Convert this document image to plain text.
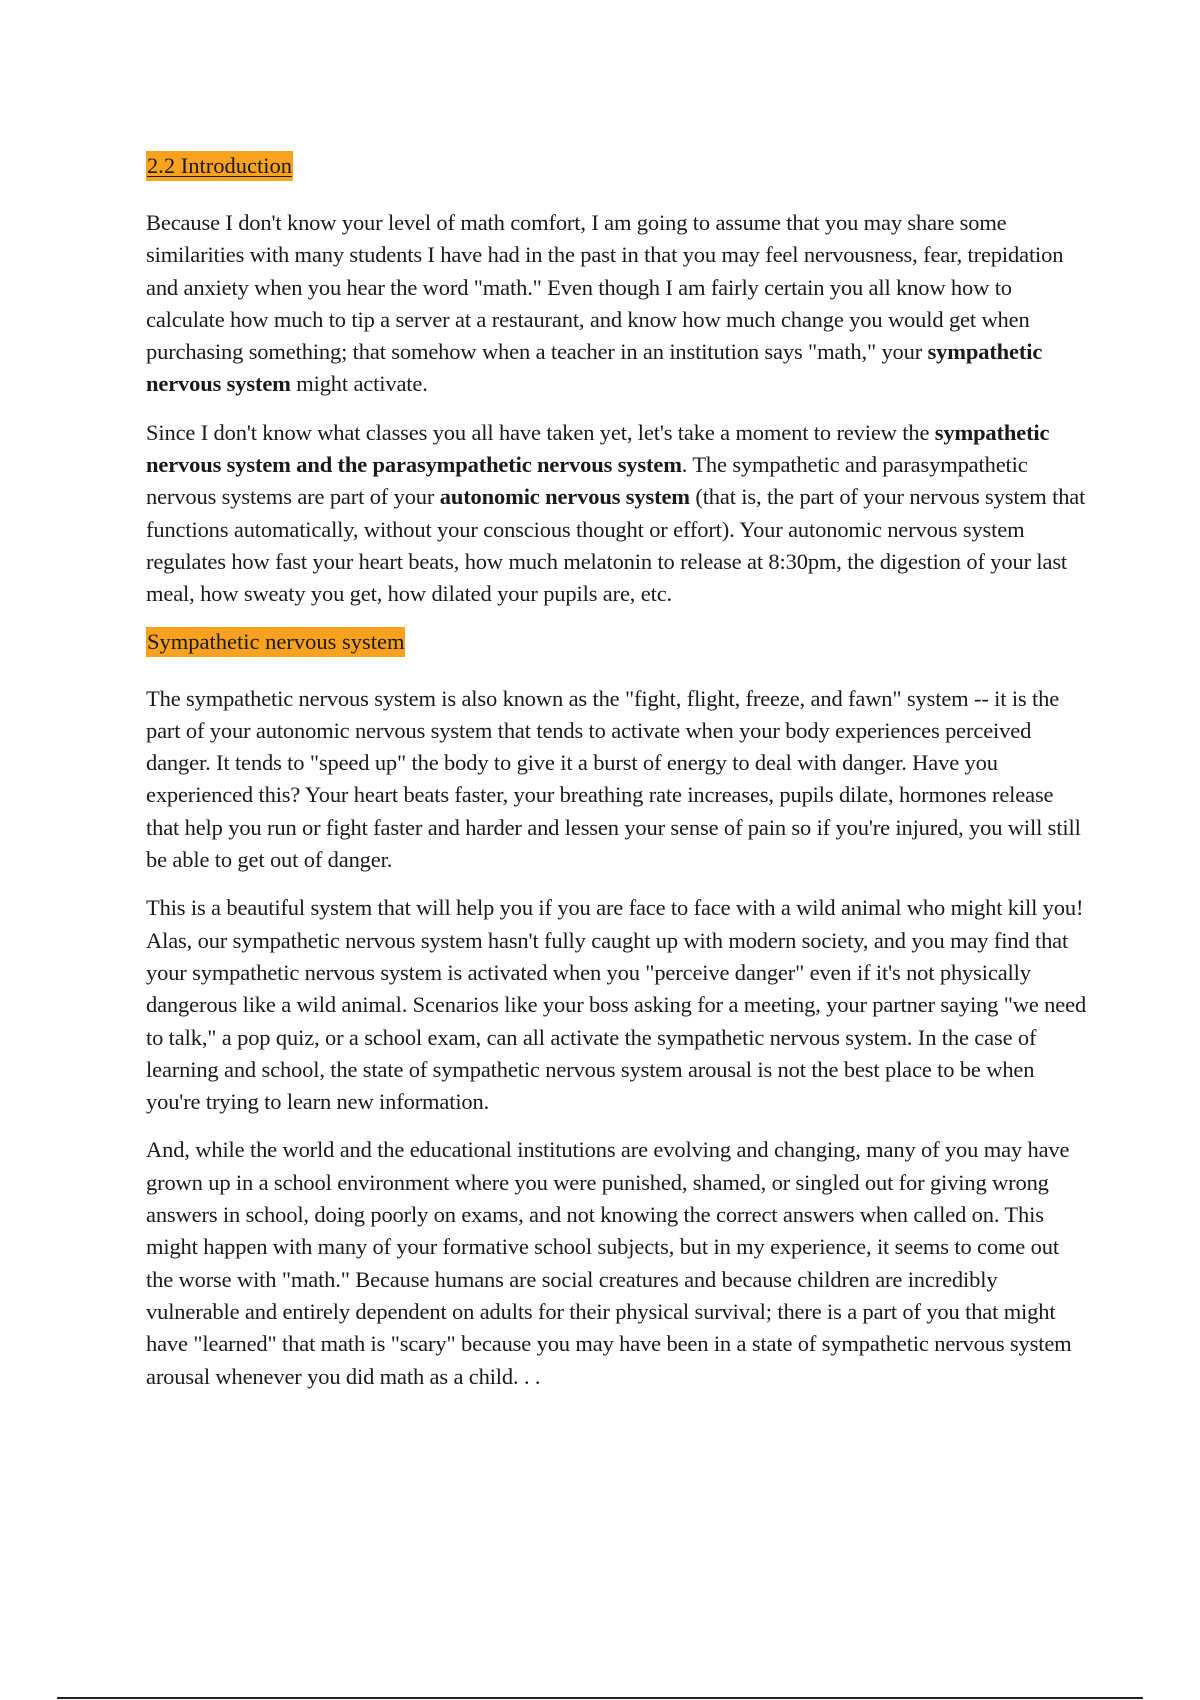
2.2 Introduction

Because I don't know your level of math comfort, I am going to assume that you may share some similarities with many students I have had in the past in that you may feel nervousness, fear, trepidation and anxiety when you hear the word "math." Even though I am fairly certain you all know how to calculate how much to tip a server at a restaurant, and know how much change you would get when purchasing something; that somehow when a teacher in an institution says "math," your sympathetic nervous system might activate.

Since I don't know what classes you all have taken yet, let's take a moment to review the sympathetic nervous system and the parasympathetic nervous system. The sympathetic and parasympathetic nervous systems are part of your autonomic nervous system (that is, the part of your nervous system that functions automatically, without your conscious thought or effort). Your autonomic nervous system regulates how fast your heart beats, how much melatonin to release at 8:30pm, the digestion of your last meal, how sweaty you get, how dilated your pupils are, etc.

Sympathetic nervous system

The sympathetic nervous system is also known as the "fight, flight, freeze, and fawn" system -- it is the part of your autonomic nervous system that tends to activate when your body experiences perceived danger. It tends to "speed up" the body to give it a burst of energy to deal with danger. Have you experienced this? Your heart beats faster, your breathing rate increases, pupils dilate, hormones release that help you run or fight faster and harder and lessen your sense of pain so if you're injured, you will still be able to get out of danger.

This is a beautiful system that will help you if you are face to face with a wild animal who might kill you! Alas, our sympathetic nervous system hasn't fully caught up with modern society, and you may find that your sympathetic nervous system is activated when you "perceive danger" even if it's not physically dangerous like a wild animal. Scenarios like your boss asking for a meeting, your partner saying "we need to talk," a pop quiz, or a school exam, can all activate the sympathetic nervous system. In the case of learning and school, the state of sympathetic nervous system arousal is not the best place to be when you're trying to learn new information.

And, while the world and the educational institutions are evolving and changing, many of you may have grown up in a school environment where you were punished, shamed, or singled out for giving wrong answers in school, doing poorly on exams, and not knowing the correct answers when called on. This might happen with many of your formative school subjects, but in my experience, it seems to come out the worse with "math." Because humans are social creatures and because children are incredibly vulnerable and entirely dependent on adults for their physical survival; there is a part of you that might have "learned" that math is "scary" because you may have been in a state of sympathetic nervous system arousal whenever you did math as a child. . .
